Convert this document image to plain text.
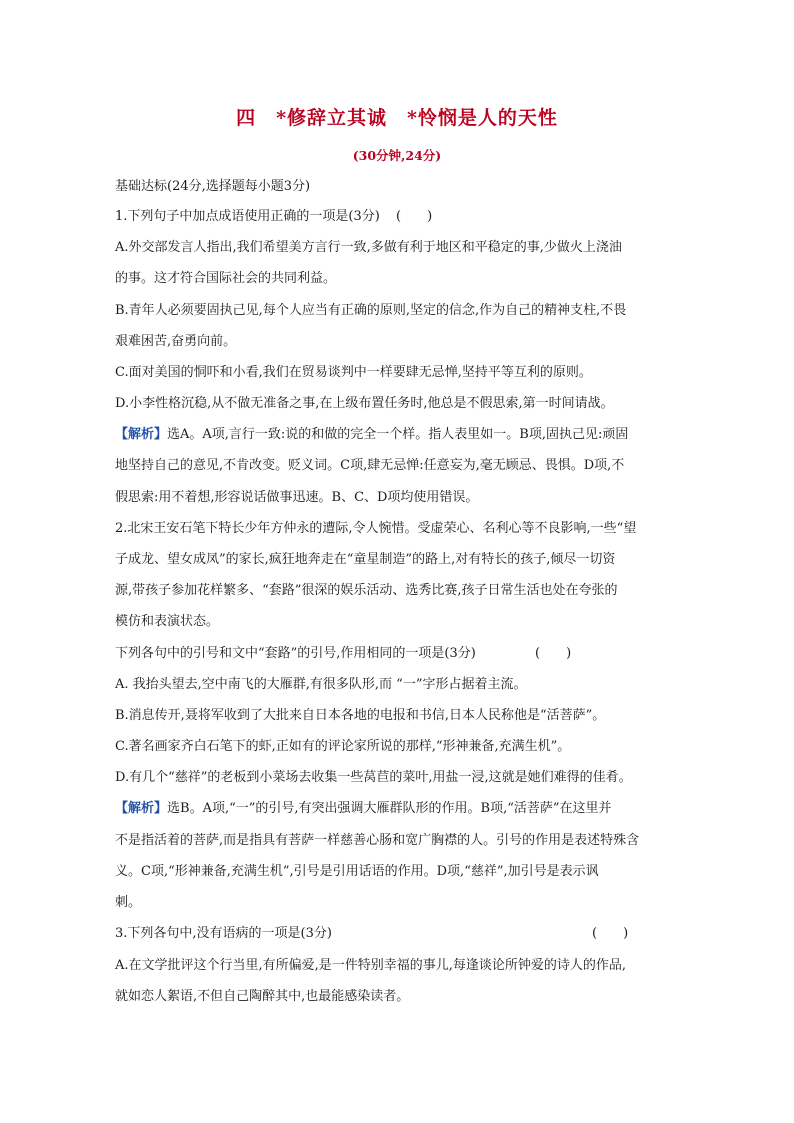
四　*修辞立其诚　*怜悯是人的天性
(30分钟,24分)
基础达标(24分,选择题每小题3分)
1.下列句子中加点成语使用正确的一项是(3分) (　　)
A.外交部发言人指出,我们希望美方言行一致,多做有利于地区和平稳定的事,少做火上浇油
的事。这才符合国际社会的共同利益。
B.青年人必须要固执己见,每个人应当有正确的原则,坚定的信念,作为自己的精神支柱,不畏
艰难困苦,奋勇向前。
C.面对美国的恫吓和小看,我们在贸易谈判中一样要肆无忌惮,坚持平等互利的原则。
D.小李性格沉稳,从不做无准备之事,在上级布置任务时,他总是不假思索,第一时间请战。
【解析】选A。A项,言行一致:说的和做的完全一个样。指人表里如一。B项,固执己见:顽固
地坚持自己的意见,不肯改变。贬义词。C项,肆无忌惮:任意妄为,毫无顾忌、畏惧。D项,不
假思索:用不着想,形容说话做事迅速。B、C、D项均使用错误。
2.北宋王安石笔下特长少年方仲永的遭际,令人惋惜。受虚荣心、名利心等不良影响,一些“望
子成龙、望女成凤”的家长,疯狂地奔走在“童星制造”的路上,对有特长的孩子,倾尽一切资
源,带孩子参加花样繁多、“套路”很深的娱乐活动、选秀比赛,孩子日常生活也处在夸张的
模仿和表演状态。
下列各句中的引号和文中“套路”的引号,作用相同的一项是(3分)	(　　)
A. 我抬头望去,空中南飞的大雁群,有很多队形,而 “一”字形占据着主流。
B.消息传开,聂将军收到了大批来自日本各地的电报和书信,日本人民称他是“活菩萨”。
C.著名画家齐白石笔下的虾,正如有的评论家所说的那样,“形神兼备,充满生机”。
D.有几个“慈祥”的老板到小菜场去收集一些莴苣的菜叶,用盐一浸,这就是她们难得的佳肴。
【解析】选B。A项,“一”的引号,有突出强调大雁群队形的作用。B项,“活菩萨”在这里并
不是指活着的菩萨,而是指具有菩萨一样慈善心肠和宽广胸襟的人。引号的作用是表述特殊含
义。C项,“形神兼备,充满生机”,引号是引用话语的作用。D项,“慈祥”,加引号是表示讽
刺。
3.下列各句中,没有语病的一项是(3分)	(　　)
A.在文学批评这个行当里,有所偏爱,是一件特别幸福的事儿,每逢谈论所钟爱的诗人的作品,
就如恋人絮语,不但自己陶醉其中,也最能感染读者。
